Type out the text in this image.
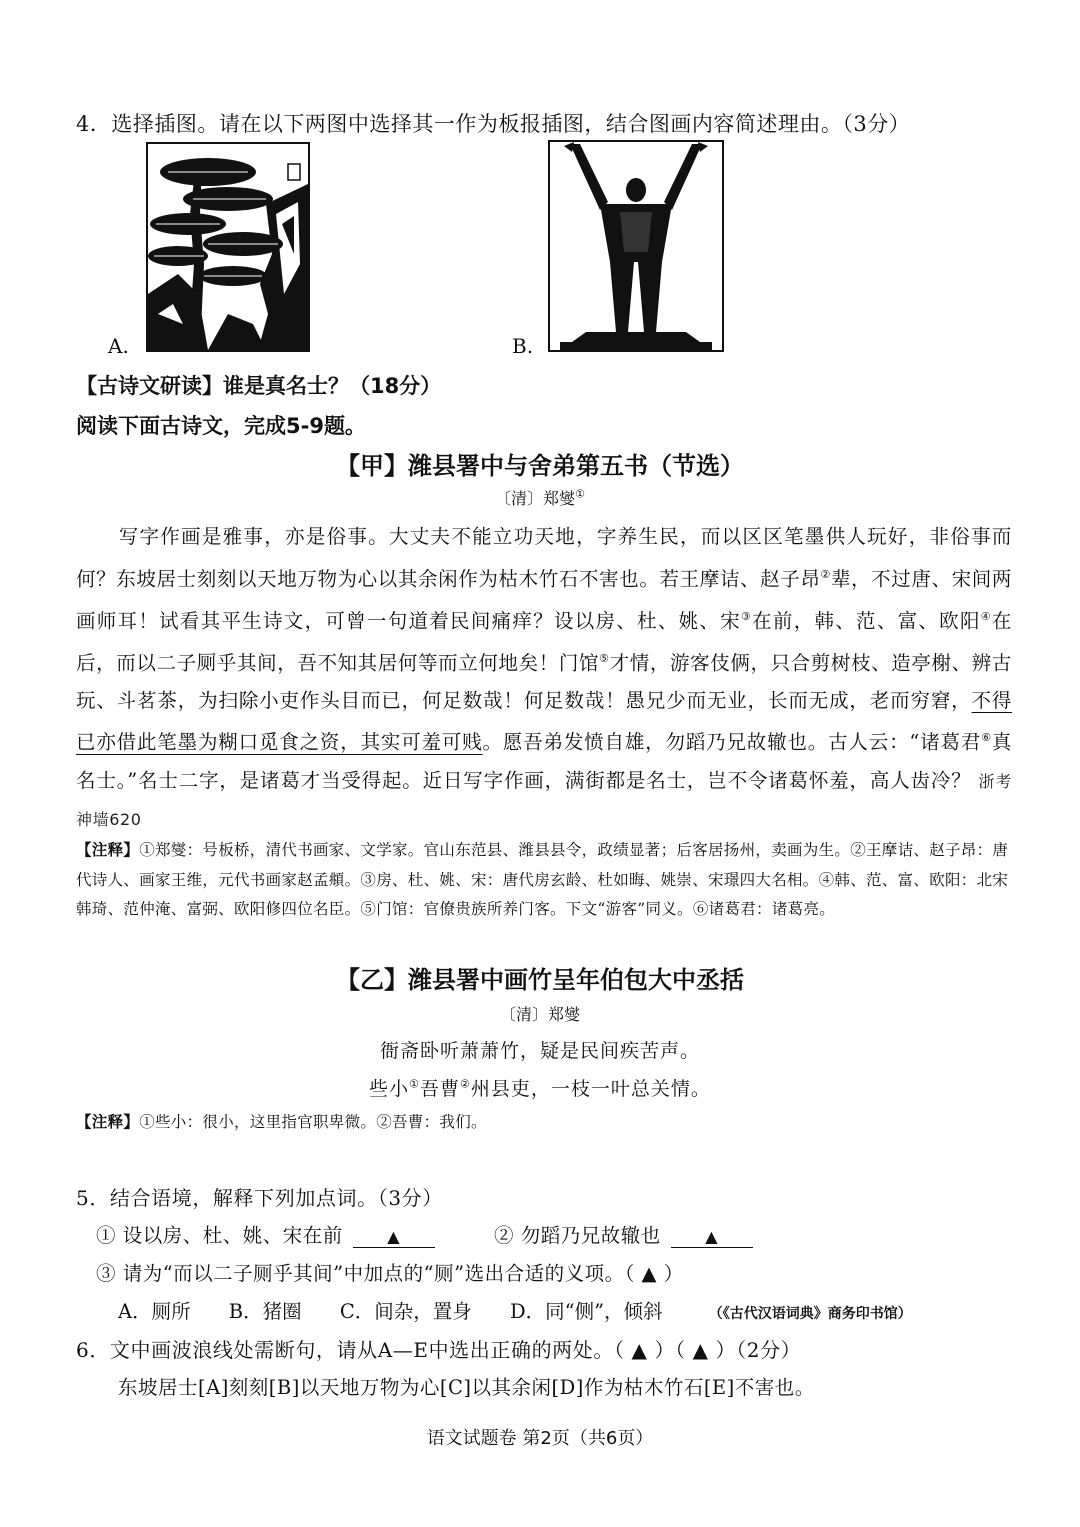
4．选择插图。请在以下两图中选择其一作为板报插图，结合图画内容简述理由。（3分）
A.	B.
【古诗文研读】谁是真名士？（18分）
阅读下面古诗文，完成5-9题。
【甲】潍县署中与舍弟第五书（节选）
〔清〕郑燮①
写字作画是雅事，亦是俗事。大丈夫不能立功天地，字养生民，而以区区笔墨供人玩好，非俗事而何？东坡居士刻刻以天地万物为心以其余闲作为枯木竹石不害也。若王摩诘、赵子昂②辈，不过唐、宋间两画师耳！试看其平生诗文，可曾一句道着民间痛痒？设以房、杜、姚、宋③在前，韩、范、富、欧阳④在后，而以二子厕 ·乎其间，吾不知其居何等而立何地矣！门馆⑤才情，游客伎俩，只合剪树枝、造亭榭、辨古玩、斗茗茶，为扫除小吏作头目而已，何足数哉！何足数哉！愚兄少而无业，长而无成，老而穷窘，不得已亦借此笔墨为糊口觅食之资，其实可羞可贱。愿吾弟发愤自雄，勿蹈乃兄故辙也。古人云：“诸葛君⑥真名士。”名士二字，是诸葛才当受得起。近日写字作画，满街都是名士，岂不令诸葛怀羞，高人齿冷？ 浙考神墙620
【注释】①郑燮：号板桥，清代书画家、文学家。官山东范县、潍县县令，政绩显著；后客居扬州，卖画为生。②王摩诘、赵子昂：唐代诗人、画家王维，元代书画家赵孟頫。③房、杜、姚、宋：唐代房玄龄、杜如晦、姚崇、宋璟四大名相。④韩、范、富、欧阳：北宋韩琦、范仲淹、富弼、欧阳修四位名臣。⑤门馆：官僚贵族所养门客。下文“游客”同义。⑥诸葛君：诸葛亮。
【乙】潍县署中画竹呈年伯包大中丞括
〔清〕郑燮
衙斋卧听萧萧竹，疑是民间疾苦声。
些小①吾曹②州县吏，一枝一叶总关情。
【注释】①些小：很小，这里指官职卑微。②吾曹：我们。
5．结合语境，解释下列加点词。（3分）
① 设以房、杜、姚、宋在前	▲	② 勿蹈乃兄故辙也	▲
③ 请为“而以二子厕乎其间”中加点的“厕”选出合适的义项。（ ▲ ）
A．厕所 B．猪圈 C．间杂，置身 D．同“侧”，倾斜	（《古代汉语词典》商务印书馆）
6．文中画波浪线处需断句，请从A—E中选出正确的两处。（ ▲ ）（ ▲ ）（2分）
东坡居士[A]刻刻[B]以天地万物为心[C]以其余闲[D]作为枯木竹石[E]不害也。
语文试题卷 第2页（共6页）
